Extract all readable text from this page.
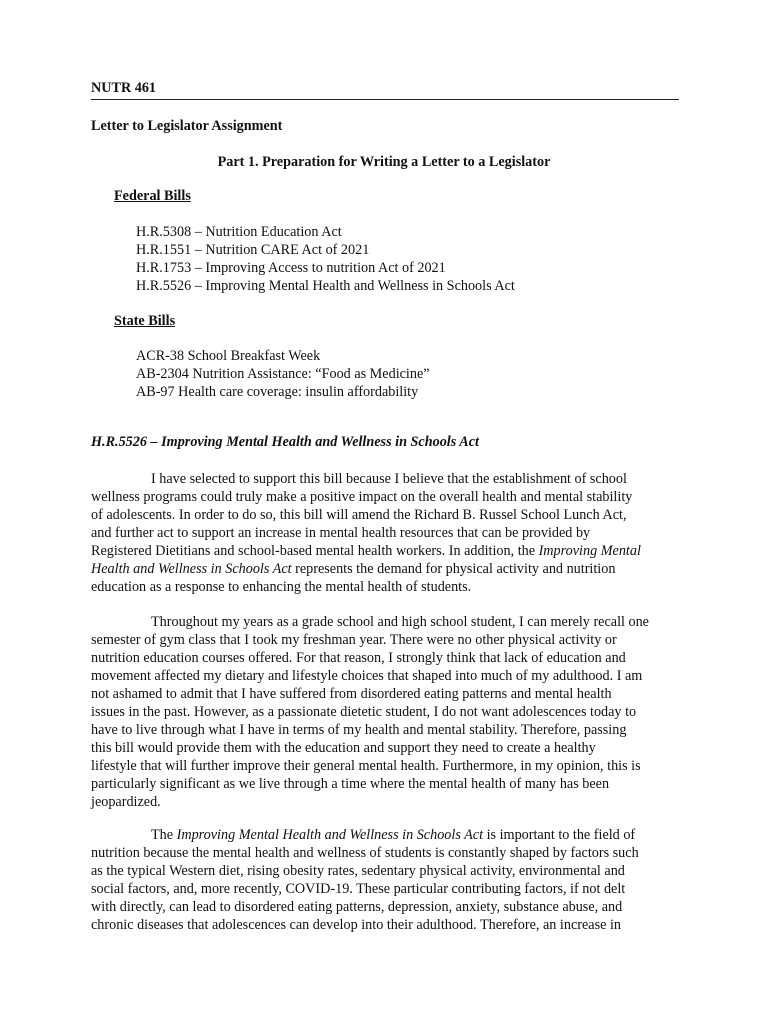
NUTR 461
Letter to Legislator Assignment
Part 1. Preparation for Writing a Letter to a Legislator
Federal Bills
H.R.5308 – Nutrition Education Act
H.R.1551 – Nutrition CARE Act of 2021
H.R.1753 – Improving Access to nutrition Act of 2021
H.R.5526 – Improving Mental Health and Wellness in Schools Act
State Bills
ACR-38 School Breakfast Week
AB-2304 Nutrition Assistance: “Food as Medicine”
AB-97 Health care coverage: insulin affordability
H.R.5526 – Improving Mental Health and Wellness in Schools Act
I have selected to support this bill because I believe that the establishment of school
wellness programs could truly make a positive impact on the overall health and mental stability
of adolescents. In order to do so, this bill will amend the Richard B. Russel School Lunch Act,
and further act to support an increase in mental health resources that can be provided by
Registered Dietitians and school-based mental health workers. In addition, the Improving Mental
Health and Wellness in Schools Act represents the demand for physical activity and nutrition
education as a response to enhancing the mental health of students.
Throughout my years as a grade school and high school student, I can merely recall one
semester of gym class that I took my freshman year. There were no other physical activity or
nutrition education courses offered. For that reason, I strongly think that lack of education and
movement affected my dietary and lifestyle choices that shaped into much of my adulthood. I am
not ashamed to admit that I have suffered from disordered eating patterns and mental health
issues in the past. However, as a passionate dietetic student, I do not want adolescences today to
have to live through what I have in terms of my health and mental stability. Therefore, passing
this bill would provide them with the education and support they need to create a healthy
lifestyle that will further improve their general mental health. Furthermore, in my opinion, this is
particularly significant as we live through a time where the mental health of many has been
jeopardized.
The Improving Mental Health and Wellness in Schools Act is important to the field of
nutrition because the mental health and wellness of students is constantly shaped by factors such
as the typical Western diet, rising obesity rates, sedentary physical activity, environmental and
social factors, and, more recently, COVID-19. These particular contributing factors, if not delt
with directly, can lead to disordered eating patterns, depression, anxiety, substance abuse, and
chronic diseases that adolescences can develop into their adulthood. Therefore, an increase in
